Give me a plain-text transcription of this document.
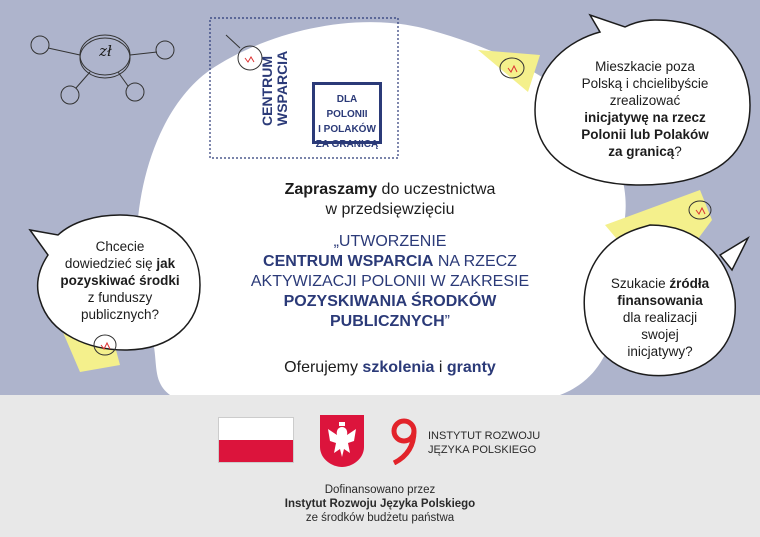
zł
CENTRUM WSPARCIA	DLA POLONII
I POLAKÓW
ZA GRANICĄ
Mieszkacie poza
Polską i chcielibyście
zrealizować
inicjatywę na rzecz
Polonii lub Polaków
za granicą?
Chcecie
dowiedzieć się jak
pozyskiwać środki
z funduszy
publicznych?
Szukacie źródła
finansowania
dla realizacji
swojej
inicjatywy?
Zapraszamy do uczestnictwa
w przedsięwzięciu
„UTWORZENIE
CENTRUM WSPARCIA NA RZECZ
AKTYWIZACJI POLONII W ZAKRESIE
POZYSKIWANIA ŚRODKÓW
PUBLICZNYCH”
Oferujemy szkolenia i granty
INSTYTUT ROZWOJU
JĘZYKA POLSKIEGO
Dofinansowano przez
Instytut Rozwoju Języka Polskiego
ze środków budżetu państwa
